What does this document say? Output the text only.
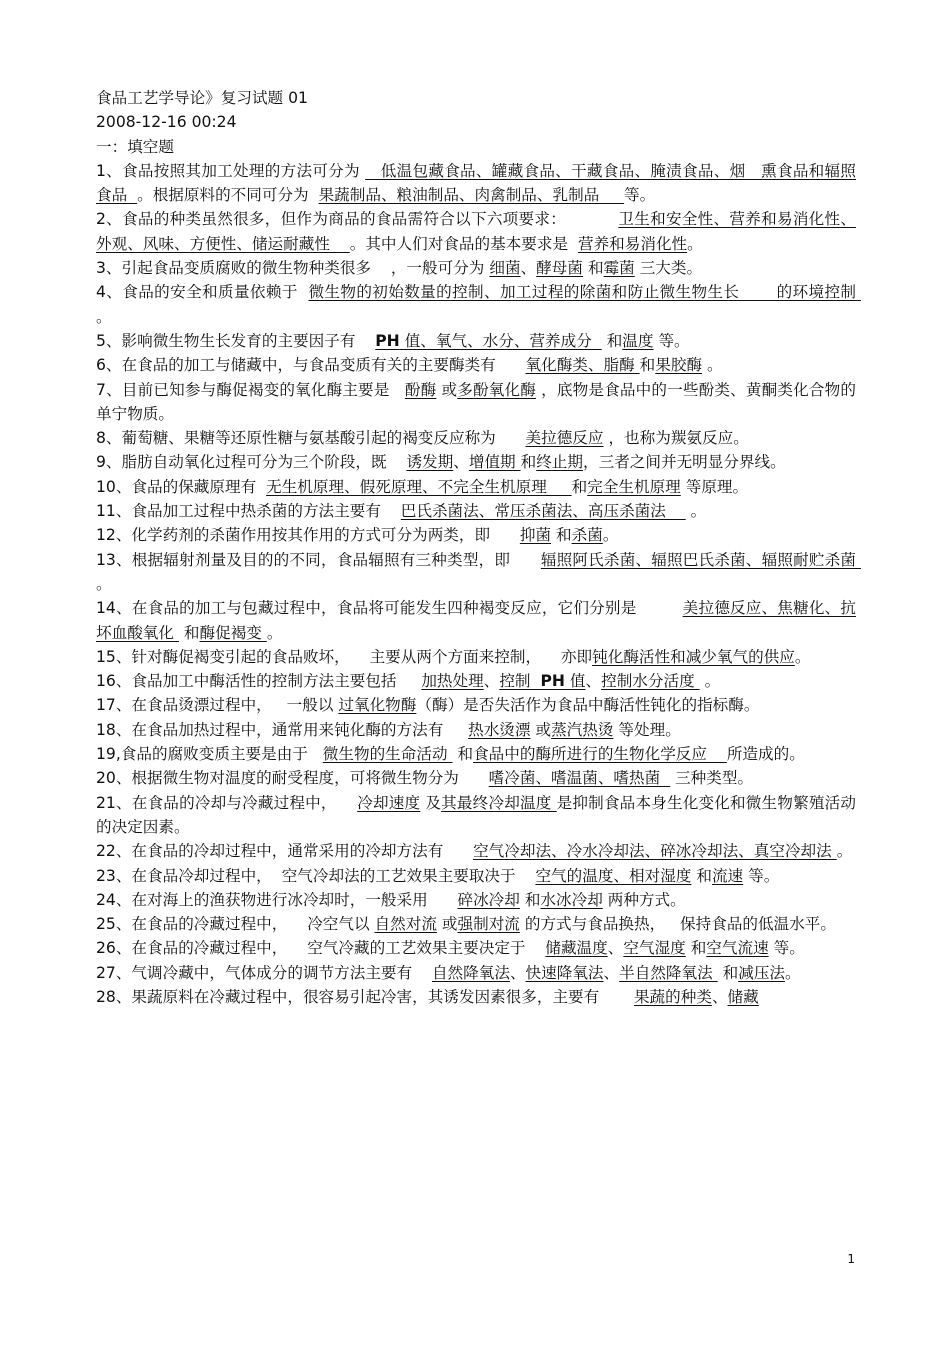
食品工艺学导论》复习试题 01
2008-12-16 00:24
一：填空题

1、食品按照其加工处理的方法可分为    低温包藏食品、罐藏食品、干藏食品、腌渍食品、烟   熏食品和辐照食品  。根据原料的不同可分为  果蔬制品、粮油制品、肉禽制品、乳制品     等。

2、食品的种类虽然很多，但作为商品的食品需符合以下六项要求：          卫生和安全性、营养和易消化性、外观、风味、方便性、储运耐藏性    。其中人们对食品的基本要求是  营养和易消化性。

3、引起食品变质腐败的微生物种类很多    ，一般可分为 细菌、酵母菌 和霉菌 三大类。

4、食品的安全和质量依赖于  微生物的初始数量的控制、加工过程的除菌和防止微生物生长       的环境控制 。

5、影响微生物生长发育的主要因子有    PH 值、氧气、水分、营养成分   和温度 等。

6、在食品的加工与储藏中，与食品变质有关的主要酶类有      氧化酶类、脂酶 和果胶酶 。

7、目前已知参与酶促褐变的氧化酶主要是   酚酶 或多酚氧化酶 ，底物是食品中的一些酚类、黄酮类化合物的单宁物质。

8、葡萄糖、果糖等还原性糖与氨基酸引起的褐变反应称为      美拉德反应 ，也称为羰氨反应。

9、脂肪自动氧化过程可分为三个阶段，既    诱发期、增值期 和终止期，三者之间并无明显分界线。

10、食品的保藏原理有  无生机原理、假死原理、不完全生机原理     和完全生机原理 等原理。

11、食品加工过程中热杀菌的方法主要有    巴氏杀菌法、常压杀菌法、高压杀菌法     。

12、化学药剂的杀菌作用按其作用的方式可分为两类，即      抑菌 和杀菌。

13、根据辐射剂量及目的的不同，食品辐照有三种类型，即      辐照阿氏杀菌、辐照巴氏杀菌、辐照耐贮杀菌 。

14、在食品的加工与包藏过程中，食品将可能发生四种褐变反应，它们分别是         美拉德反应、焦糖化、抗坏血酸氧化  和酶促褐变 。

15、针对酶促褐变引起的食品败坏，    主要从两个方面来控制，    亦即钝化酶活性和减少氧气的供应。

16、食品加工中酶活性的控制方法主要包括     加热处理、控制  PH 值、控制水分活度  。

17、在食品烫漂过程中，   一般以 过氧化物酶（酶）是否失活作为食品中酶活性钝化的指标酶。

18、在食品加热过程中，通常用来钝化酶的方法有     热水烫漂 或蒸汽热烫 等处理。

19,食品的腐败变质主要是由于   微生物的生命活动  和食品中的酶所进行的生物化学反应    所造成的。

20、根据微生物对温度的耐受程度，可将微生物分为      嗜冷菌、嗜温菌、嗜热菌   三种类型。

21、在食品的冷却与冷藏过程中，    冷却速度 及其最终冷却温度 是抑制食品本身生化变化和微生物繁殖活动的决定因素。

22、在食品的冷却过程中，通常采用的冷却方法有      空气冷却法、冷水冷却法、碎冰冷却法、真空冷却法 。

23、在食品冷却过程中，  空气冷却法的工艺效果主要取决于    空气的温度、相对湿度 和流速 等。

24、在对海上的渔获物进行冰冷却时，一般采用      碎冰冷却 和水冰冷却 两种方式。

25、在食品的冷藏过程中，    冷空气以 自然对流 或强制对流 的方式与食品换热，   保持食品的低温水平。

26、在食品的冷藏过程中，    空气冷藏的工艺效果主要决定于    储藏温度、空气湿度 和空气流速 等。

27、气调冷藏中，气体成分的调节方法主要有    自然降氧法、快速降氧法、半自然降氧法  和减压法。

28、果蔬原料在冷藏过程中，很容易引起冷害，其诱发因素很多，主要有       果蔬的种类、储藏

1
